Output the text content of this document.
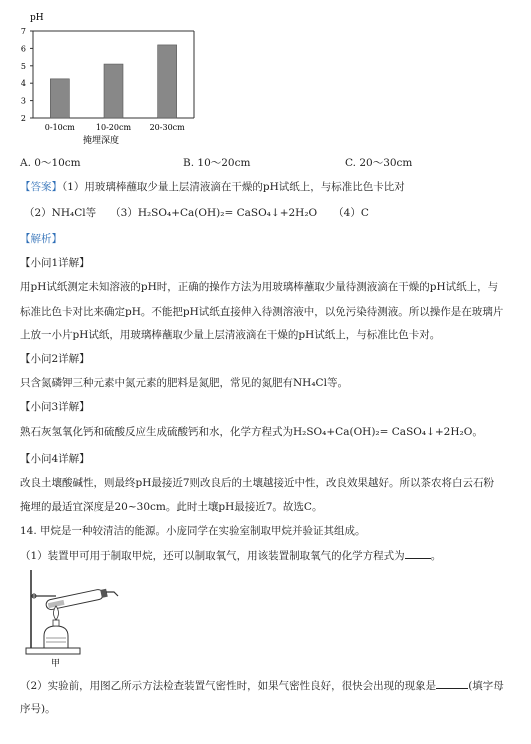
pH
2
3
4
5
6
7
0-10cm	10-20cm 20-30cm
掩埋深度
A. 0～10cm	B. 10～20cm	C. 20～30cm
【答案】（1）用玻璃棒蘸取少量上层清液滴在干燥的pH试纸上，与标准比色卡比对
（2）NH₄Cl等 （3）H₂SO₄+Ca(OH)₂= CaSO₄↓+2H₂O （4）C
【解析】
【小问1详解】
用pH试纸测定未知溶液的pH时，正确的操作方法为用玻璃棒蘸取少量待测液滴在干燥的pH试纸上，与
标准比色卡对比来确定pH。不能把pH试纸直接伸入待测溶液中，以免污染待测液。所以操作是在玻璃片
上放一小片pH试纸，用玻璃棒蘸取少量上层清液滴在干燥的pH试纸上，与标准比色卡对。
【小问2详解】
只含氮磷钾三种元素中氮元素的肥料是氮肥，常见的氮肥有NH₄Cl等。
【小问3详解】
熟石灰氢氧化钙和硫酸反应生成硫酸钙和水，化学方程式为H₂SO₄+Ca(OH)₂= CaSO₄↓+2H₂O。
【小问4详解】
改良土壤酸碱性，则最终pH最接近7则改良后的土壤越接近中性，改良效果越好。所以茶农将白云石粉
掩埋的最适宜深度是20~30cm。此时土壤pH最接近7。故选C。
14. 甲烷是一种较清洁的能源。小庞同学在实验室制取甲烷并验证其组成。
（1）装置甲可用于制取甲烷，还可以制取氧气，用该装置制取氧气的化学方程式为 。
甲
（2）实验前，用图乙所示方法检查装置气密性时，如果气密性良好，很快会出现的现象是	(填字母
序号)。
